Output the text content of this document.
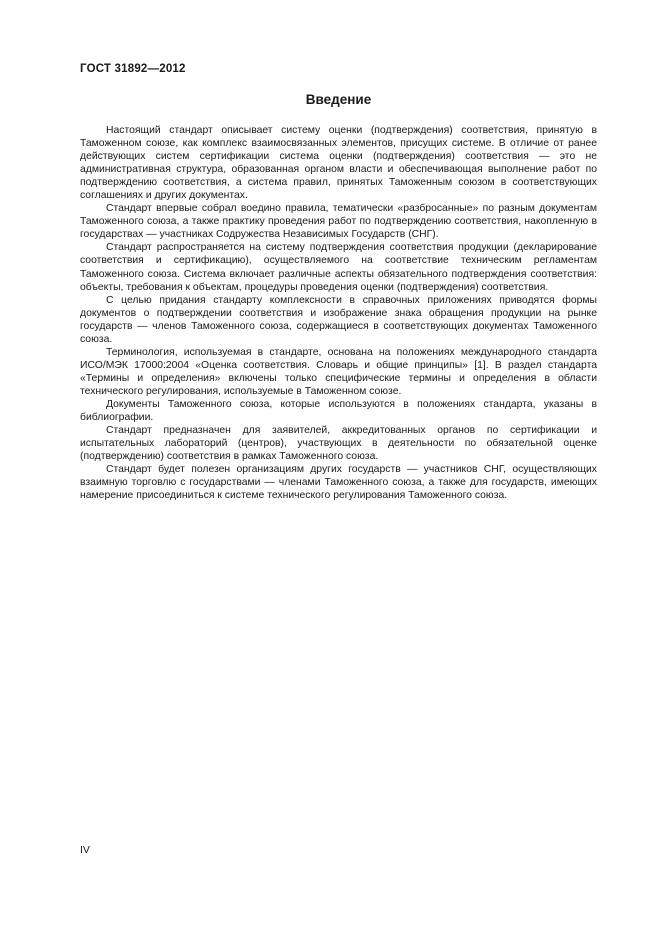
ГОСТ 31892—2012
Введение

Настоящий стандарт описывает систему оценки (подтверждения) соответствия, принятую в Таможенном союзе, как комплекс взаимосвязанных элементов, присущих системе. В отличие от ранее действующих систем сертификации система оценки (подтверждения) соответствия — это не административная структура, образованная органом власти и обеспечивающая выполнение работ по подтверждению соответствия, а система правил, принятых Таможенным союзом в соответствующих соглашениях и других документах.

Стандарт впервые собрал воедино правила, тематически «разбросанные» по разным документам Таможенного союза, а также практику проведения работ по подтверждению соответствия, накопленную в государствах — участниках Содружества Независимых Государств (СНГ).

Стандарт распространяется на систему подтверждения соответствия продукции (декларирование соответствия и сертификацию), осуществляемого на соответствие техническим регламентам Таможенного союза. Система включает различные аспекты обязательного подтверждения соответствия: объекты, требования к объектам, процедуры проведения оценки (подтверждения) соответствия.

С целью придания стандарту комплексности в справочных приложениях приводятся формы документов о подтверждении соответствия и изображение знака обращения продукции на рынке государств — членов Таможенного союза, содержащиеся в соответствующих документах Таможенного союза.

Терминология, используемая в стандарте, основана на положениях международного стандарта ИСО/МЭК 17000:2004 «Оценка соответствия. Словарь и общие принципы» [1]. В раздел стандарта «Термины и определения» включены только специфические термины и определения в области технического регулирования, используемые в Таможенном союзе.

Документы Таможенного союза, которые используются в положениях стандарта, указаны в библиографии.

Стандарт предназначен для заявителей, аккредитованных органов по сертификации и испытательных лабораторий (центров), участвующих в деятельности по обязательной оценке (подтверждению) соответствия в рамках Таможенного союза.

Стандарт будет полезен организациям других государств — участников СНГ, осуществляющих взаимную торговлю с государствами — членами Таможенного союза, а также для государств, имеющих намерение присоединиться к системе технического регулирования Таможенного союза.

IV
